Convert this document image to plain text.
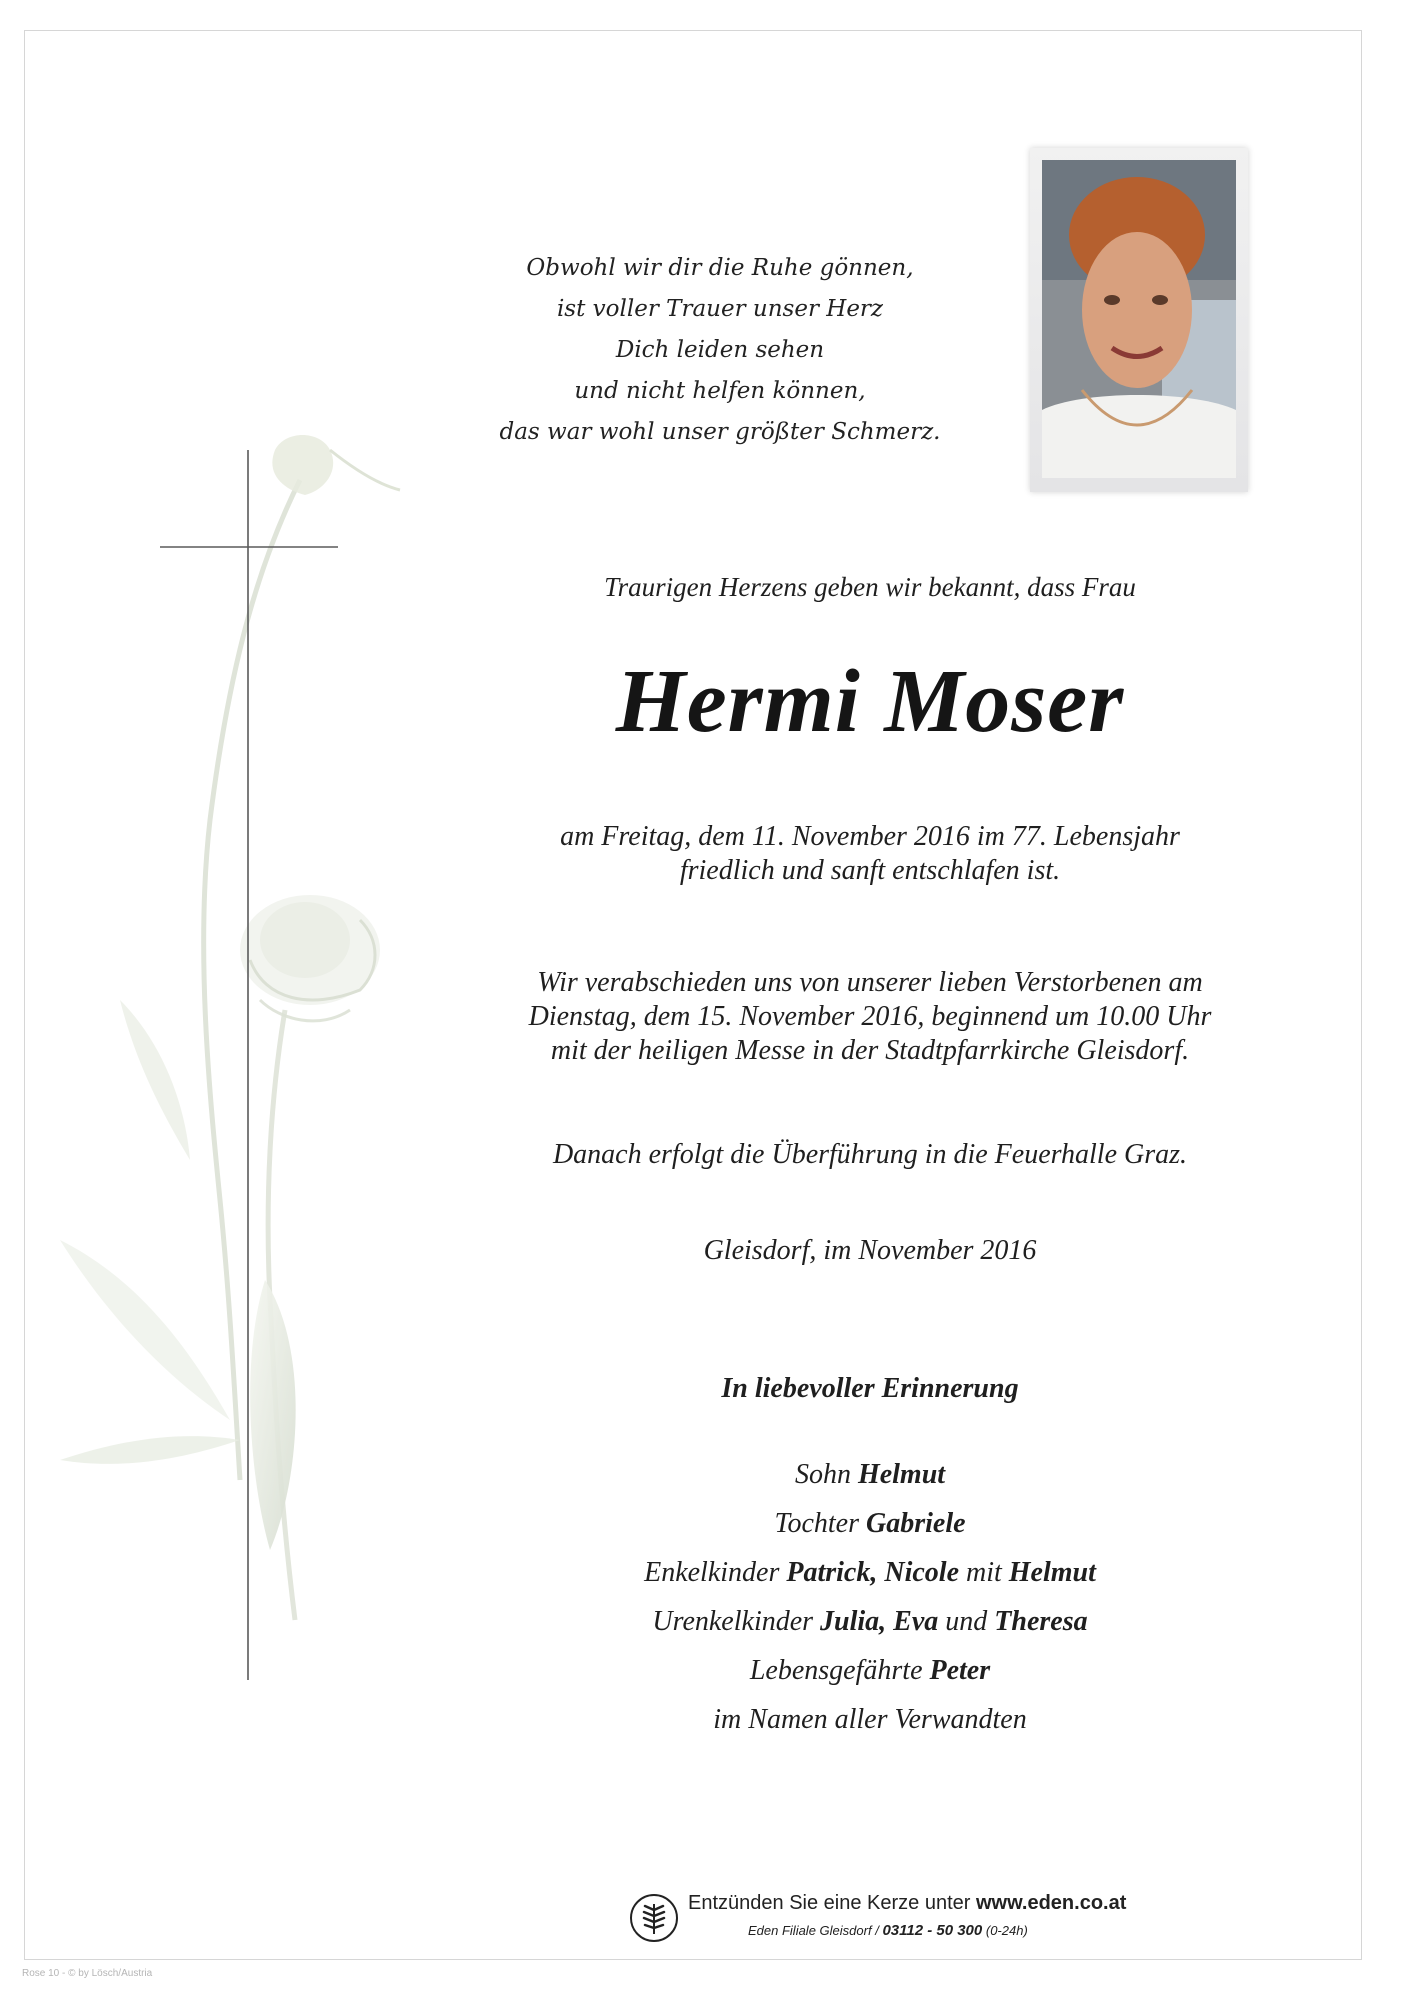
Obwohl wir dir die Ruhe gönnen,
ist voller Trauer unser Herz
Dich leiden sehen
und nicht helfen können,
das war wohl unser größter Schmerz.
Traurigen Herzens geben wir bekannt, dass Frau
Hermi Moser
am Freitag, dem 11. November 2016 im 77. Lebensjahr
friedlich und sanft entschlafen ist.
Wir verabschieden uns von unserer lieben Verstorbenen am
Dienstag, dem 15. November 2016, beginnend um 10.00 Uhr
mit der heiligen Messe in der Stadtpfarrkirche Gleisdorf.
Danach erfolgt die Überführung in die Feuerhalle Graz.
Gleisdorf, im November 2016
In liebevoller Erinnerung
Sohn Helmut
Tochter Gabriele
Enkelkinder Patrick, Nicole mit Helmut
Urenkelkinder Julia, Eva und Theresa
Lebensgefährte Peter
im Namen aller Verwandten
Entzünden Sie eine Kerze unter www.eden.co.at
Eden Filiale Gleisdorf / 03112 - 50 300 (0-24h)
Rose 10 - © by Lösch/Austria
